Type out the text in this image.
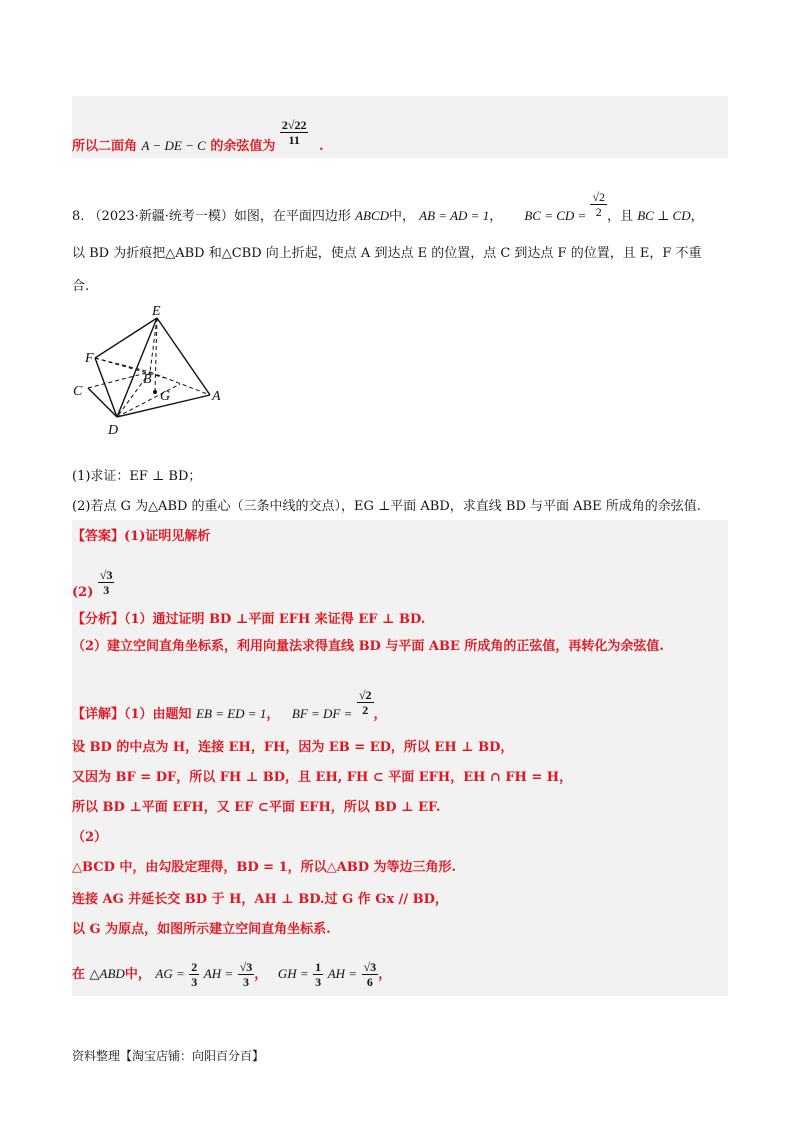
所以二面角 A − DE − C 的余弦值为 $\frac{2√22}{11}$ .
8. （2023·新疆·统考一模）如图，在平面四边形 ABCD中， AB = AD = 1， BC = CD = $\frac{√2}{2}$ ，且 BC ⊥ CD，
以 BD 为折痕把△ABD 和△CBD 向上折起，使点 A 到达点 E 的位置，点 C 到达点 F 的位置，且 E，F 不重
合.
E
F
B
G
C	A
D
(1)求证：EF ⊥ BD；
(2)若点 G 为△ABD 的重心（三条中线的交点），EG ⊥平面 ABD，求直线 BD 与平面 ABE 所成角的余弦值.
【答案】(1)证明见解析
$(2) \frac{√3}{3}$
【分析】（1）通过证明 BD ⊥平面 EFH 来证得 EF ⊥ BD.
（2）建立空间直角坐标系，利用向量法求得直线 BD 与平面 ABE 所成角的正弦值，再转化为余弦值.
【详解】（1）由题知 EB = ED = 1， BF = DF = $\frac{√2}{2}$ ，
设 BD 的中点为 H，连接 EH，FH，因为 EB = ED，所以 EH ⊥ BD，
又因为 BF = DF，所以 FH ⊥ BD，且 EH, FH ⊂ 平面 EFH，EH ∩ FH = H，
所以 BD ⊥平面 EFH，又 EF ⊂平面 EFH，所以 BD ⊥ EF.
（2）
△BCD 中，由勾股定理得，BD = 1，所以△ABD 为等边三角形.
连接 AG 并延长交 BD 于 H，AH ⊥ BD.过 G 作 Gx // BD，
以 G 为原点，如图所示建立空间直角坐标系.
在 △ABD中， AG = $\frac{2}{3}$ AH = $\frac{√3}{3}$ ， GH = $\frac{1}{3}$ AH = $\frac{√3}{6}$ ，
资料整理【淘宝店铺：向阳百分百】
